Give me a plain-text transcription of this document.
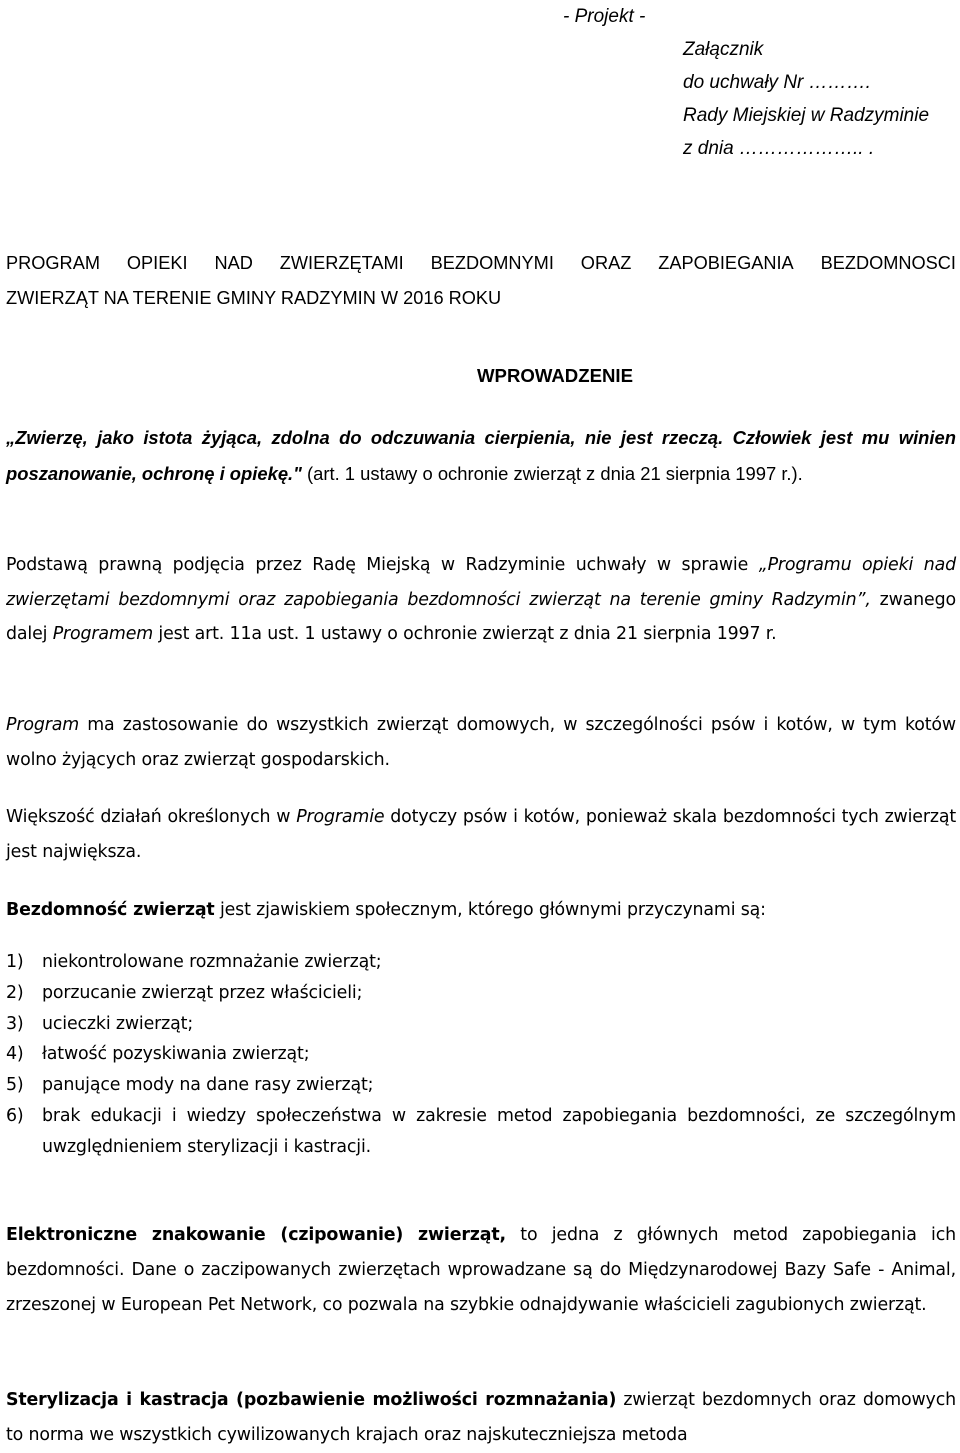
- Projekt -
Załącznik
do uchwały Nr ……….
Rady Miejskiej w Radzyminie
z dnia ……………….. .
PROGRAM OPIEKI NAD ZWIERZĘTAMI BEZDOMNYMI ORAZ ZAPOBIEGANIA BEZDOMNOSCI
ZWIERZĄT NA TERENIE GMINY RADZYMIN W 2016 ROKU
WPROWADZENIE
„Zwierzę, jako istota żyjąca, zdolna do odczuwania cierpienia, nie jest rzeczą. Człowiek jest mu winien poszanowanie, ochronę i opiekę." (art. 1 ustawy o ochronie zwierząt z dnia 21 sierpnia 1997 r.).
Podstawą prawną podjęcia przez Radę Miejską w Radzyminie uchwały w sprawie „Programu opieki nad zwierzętami bezdomnymi oraz zapobiegania bezdomności zwierząt na terenie gminy Radzymin”, zwanego dalej Programem jest art. 11a ust. 1 ustawy o ochronie zwierząt z dnia 21 sierpnia 1997 r.
Program ma zastosowanie do wszystkich zwierząt domowych, w szczególności psów i kotów, w tym kotów wolno żyjących oraz zwierząt gospodarskich.
Większość działań określonych w Programie dotyczy psów i kotów, ponieważ skala bezdomności tych zwierząt jest największa.
Bezdomność zwierząt jest zjawiskiem społecznym, którego głównymi przyczynami są:
1)	niekontrolowane rozmnażanie zwierząt;
2)	porzucanie zwierząt przez właścicieli;
3)	ucieczki zwierząt;
4)	łatwość pozyskiwania zwierząt;
5)	panujące mody na dane rasy zwierząt;
6)	brak edukacji i wiedzy społeczeństwa w zakresie metod zapobiegania bezdomności, ze szczególnym uwzględnieniem sterylizacji i kastracji.
Elektroniczne znakowanie (czipowanie) zwierząt, to jedna z głównych metod zapobiegania ich bezdomności. Dane o zaczipowanych zwierzętach wprowadzane są do Międzynarodowej Bazy Safe - Animal, zrzeszonej w European Pet Network, co pozwala na szybkie odnajdywanie właścicieli zagubionych zwierząt.
Sterylizacja i kastracja (pozbawienie możliwości rozmnażania) zwierząt bezdomnych oraz domowych to norma we wszystkich cywilizowanych krajach oraz najskuteczniejsza metoda
